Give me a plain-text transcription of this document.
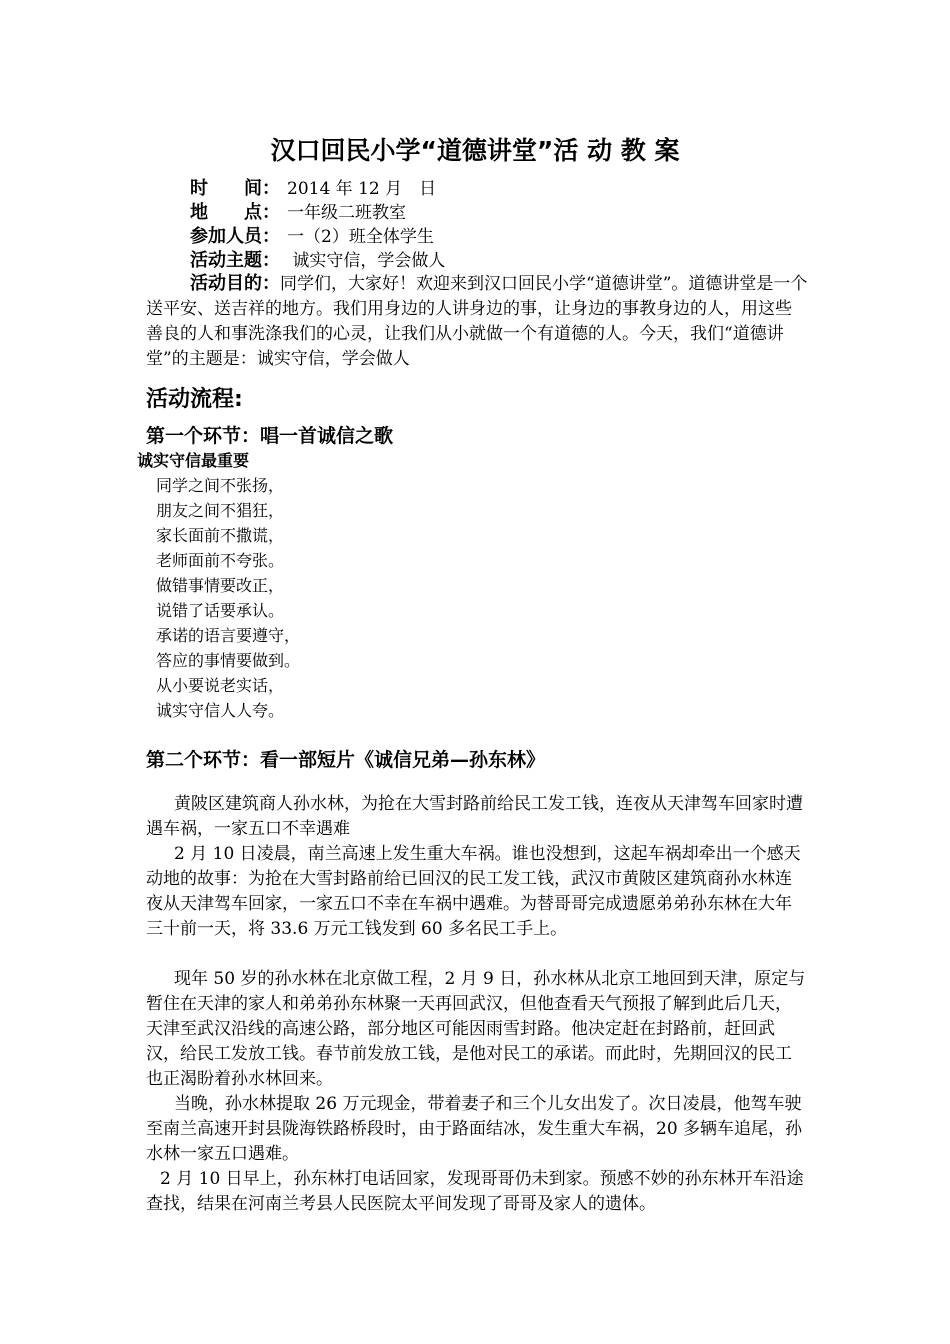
汉口回民小学“道德讲堂”活 动 教 案
时　　间： 2014 年 12 月　日
地　　点： 一年级二班教室
参加人员： 一（2）班全体学生
活动主题： 诚实守信，学会做人
活动目的：同学们，大家好！欢迎来到汉口回民小学“道德讲堂”。道德讲堂是一个送平安、送吉祥的地方。我们用身边的人讲身边的事，让身边的事教身边的人，用这些善良的人和事洗涤我们的心灵，让我们从小就做一个有道德的人。今天，我们“道德讲堂”的主题是：诚实守信，学会做人
活动流程:
第一个环节：唱一首诚信之歌
诚实守信最重要
同学之间不张扬，
朋友之间不猖狂，
家长面前不撒谎，
老师面前不夸张。
做错事情要改正，
说错了话要承认。
承诺的语言要遵守，
答应的事情要做到。
从小要说老实话，
诚实守信人人夸。
第二个环节：看一部短片《诚信兄弟—孙东林》

黄陂区建筑商人孙水林，为抢在大雪封路前给民工发工钱，连夜从天津驾车回家时遭遇车祸，一家五口不幸遇难

2 月 10 日凌晨，南兰高速上发生重大车祸。谁也没想到，这起车祸却牵出一个感天动地的故事：为抢在大雪封路前给已回汉的民工发工钱，武汉市黄陂区建筑商孙水林连夜从天津驾车回家，一家五口不幸在车祸中遇难。为替哥哥完成遗愿弟弟孙东林在大年三十前一天，将 33.6 万元工钱发到 60 多名民工手上。

现年 50 岁的孙水林在北京做工程，2 月 9 日，孙水林从北京工地回到天津，原定与暂住在天津的家人和弟弟孙东林聚一天再回武汉，但他查看天气预报了解到此后几天，天津至武汉沿线的高速公路，部分地区可能因雨雪封路。他决定赶在封路前，赶回武汉，给民工发放工钱。春节前发放工钱，是他对民工的承诺。而此时，先期回汉的民工也正渴盼着孙水林回来。

当晚，孙水林提取 26 万元现金，带着妻子和三个儿女出发了。次日凌晨，他驾车驶至南兰高速开封县陇海铁路桥段时，由于路面结冰，发生重大车祸，20 多辆车追尾，孙水林一家五口遇难。

2 月 10 日早上，孙东林打电话回家，发现哥哥仍未到家。预感不妙的孙东林开车沿途查找，结果在河南兰考县人民医院太平间发现了哥哥及家人的遗体。
